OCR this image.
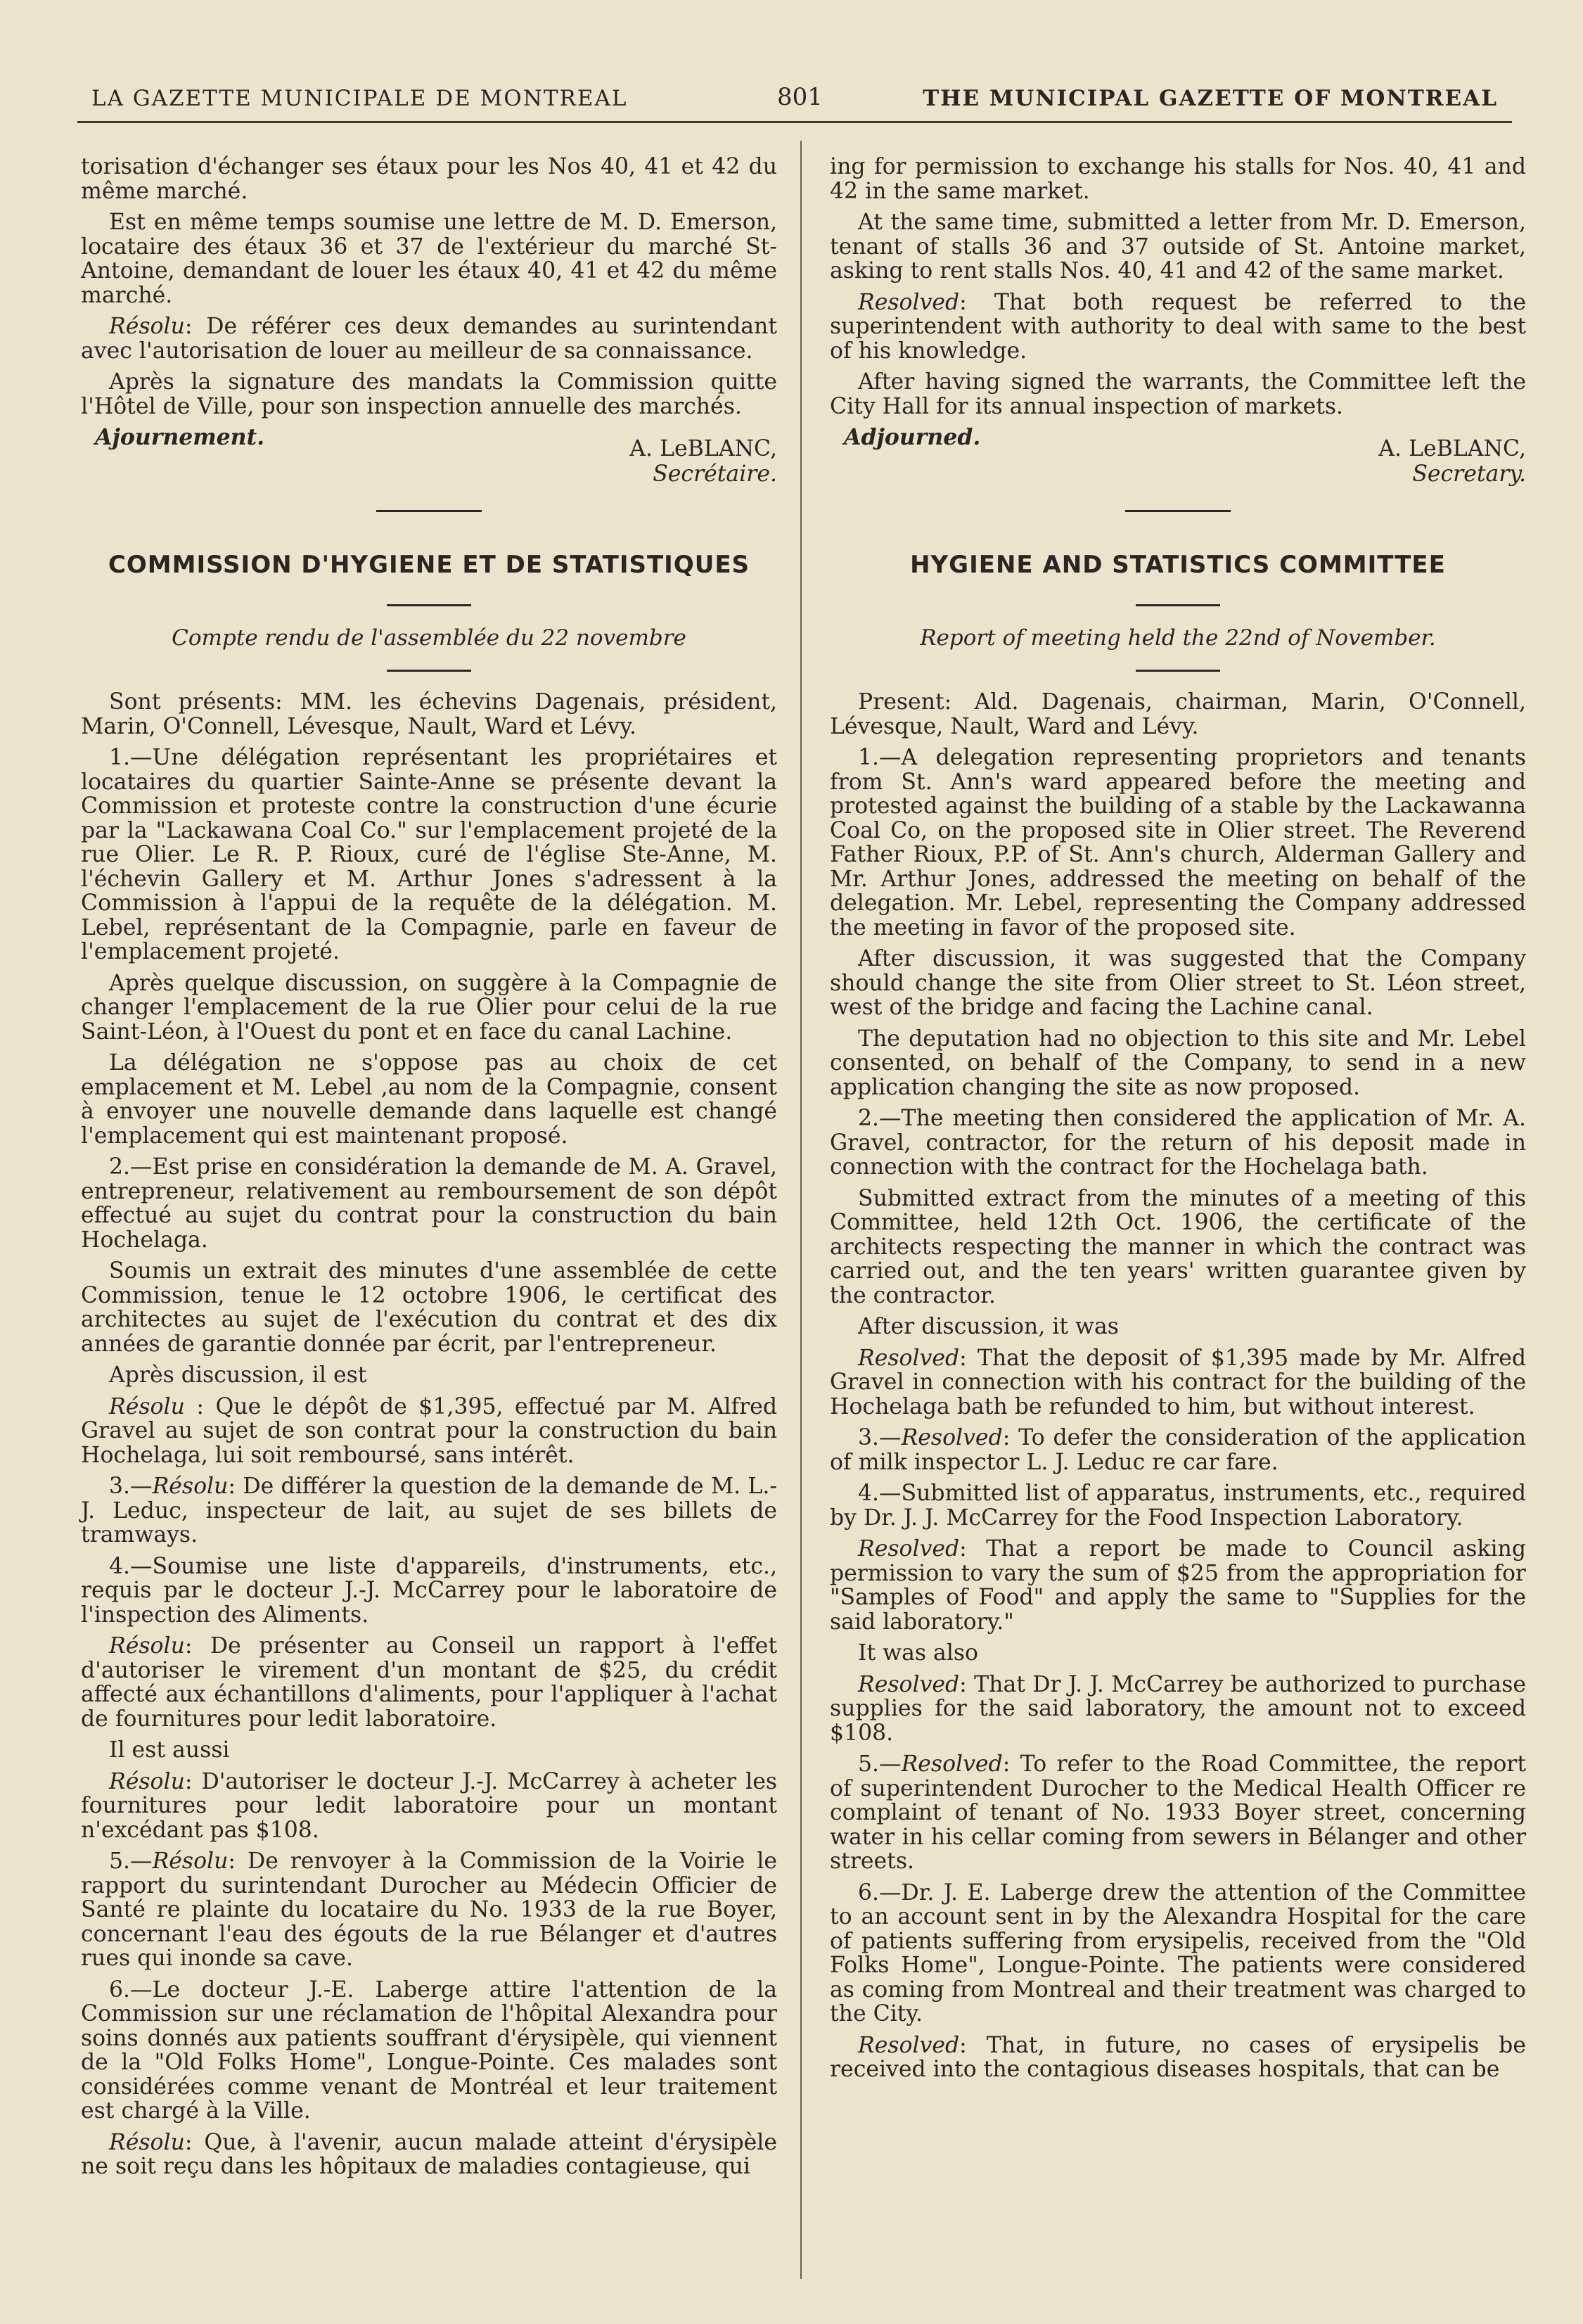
LA GAZETTE MUNICIPALE DE MONTREAL	801	THE MUNICIPAL GAZETTE OF MONTREAL

torisation d'échanger ses étaux pour les Nos 40, 41 et 42 du même marché.

Est en même temps soumise une lettre de M. D. Emerson, locataire des étaux 36 et 37 de l'extérieur du marché St-Antoine, demandant de louer les étaux 40, 41 et 42 du même marché.

Résolu: De référer ces deux demandes au surintendant avec l'autorisation de louer au meilleur de sa connaissance.

Après la signature des mandats la Commission quitte l'Hôtel de Ville, pour son inspection annuelle des marchés.

Ajournement.	A. LeBLANC,
Secrétaire.
COMMISSION D'HYGIENE ET DE STATISTIQUES
Compte rendu de l'assemblée du 22 novembre

Sont présents: MM. les échevins Dagenais, président, Marin, O'Connell, Lévesque, Nault, Ward et Lévy.

1.—Une délégation représentant les propriétaires et locataires du quartier Sainte-Anne se présente devant la Commission et proteste contre la construction d'une écurie par la "Lackawana Coal Co." sur l'emplacement projeté de la rue Olier. Le R. P. Rioux, curé de l'église Ste-Anne, M. l'échevin Gallery et M. Arthur Jones s'adressent à la Commission à l'appui de la requête de la délégation. M. Lebel, représentant de la Compagnie, parle en faveur de l'emplacement projeté.

Après quelque discussion, on suggère à la Compagnie de changer l'emplacement de la rue Olier pour celui de la rue Saint-Léon, à l'Ouest du pont et en face du canal Lachine.

La délégation ne s'oppose pas au choix de cet emplacement et M. Lebel ,au nom de la Compagnie, consent à envoyer une nouvelle demande dans laquelle est changé l'emplacement qui est maintenant proposé.

2.—Est prise en considération la demande de M. A. Gravel, entrepreneur, relativement au remboursement de son dépôt effectué au sujet du contrat pour la construction du bain Hochelaga.

Soumis un extrait des minutes d'une assemblée de cette Commission, tenue le 12 octobre 1906, le certificat des architectes au sujet de l'exécution du contrat et des dix années de garantie donnée par écrit, par l'entrepreneur.

Après discussion, il est

Résolu : Que le dépôt de $1,395, effectué par M. Alfred Gravel au sujet de son contrat pour la construction du bain Hochelaga, lui soit remboursé, sans intérêt.

3.—Résolu: De différer la question de la demande de M. L.-J. Leduc, inspecteur de lait, au sujet de ses billets de tramways.

4.—Soumise une liste d'appareils, d'instruments, etc., requis par le docteur J.-J. McCarrey pour le laboratoire de l'inspection des Aliments.

Résolu: De présenter au Conseil un rapport à l'effet d'autoriser le virement d'un montant de $25, du crédit affecté aux échantillons d'aliments, pour l'appliquer à l'achat de fournitures pour ledit laboratoire.

Il est aussi

Résolu: D'autoriser le docteur J.-J. McCarrey à acheter les fournitures pour ledit laboratoire pour un montant n'excédant pas $108.

5.—Résolu: De renvoyer à la Commission de la Voirie le rapport du surintendant Durocher au Médecin Officier de Santé re plainte du locataire du No. 1933 de la rue Boyer, concernant l'eau des égouts de la rue Bélanger et d'autres rues qui inonde sa cave.

6.—Le docteur J.-E. Laberge attire l'attention de la Commission sur une réclamation de l'hôpital Alexandra pour soins donnés aux patients souffrant d'érysipèle, qui viennent de la "Old Folks Home", Longue-Pointe. Ces malades sont considérées comme venant de Montréal et leur traitement est chargé à la Ville.

Résolu: Que, à l'avenir, aucun malade atteint d'érysipèle ne soit reçu dans les hôpitaux de maladies contagieuse, qui

ing for permission to exchange his stalls for Nos. 40, 41 and 42 in the same market.

At the same time, submitted a letter from Mr. D. Emerson, tenant of stalls 36 and 37 outside of St. Antoine market, asking to rent stalls Nos. 40, 41 and 42 of the same market.

Resolved: That both request be referred to the superintendent with authority to deal with same to the best of his knowledge.

After having signed the warrants, the Committee left the City Hall for its annual inspection of markets.

Adjourned.	A. LeBLANC,
Secretary.
HYGIENE AND STATISTICS COMMITTEE
Report of meeting held the 22nd of November.

Present: Ald. Dagenais, chairman, Marin, O'Connell, Lévesque, Nault, Ward and Lévy.

1.—A delegation representing proprietors and tenants from St. Ann's ward appeared before the meeting and protested against the building of a stable by the Lackawanna Coal Co, on the proposed site in Olier street. The Reverend Father Rioux, P.P. of St. Ann's church, Alderman Gallery and Mr. Arthur Jones, addressed the meeting on behalf of the delegation. Mr. Lebel, representing the Company addressed the meeting in favor of the proposed site.

After discussion, it was suggested that the Company should change the site from Olier street to St. Léon street, west of the bridge and facing the Lachine canal.

The deputation had no objection to this site and Mr. Lebel consented, on behalf of the Company, to send in a new application changing the site as now proposed.

2.—The meeting then considered the application of Mr. A. Gravel, contractor, for the return of his deposit made in connection with the contract for the Hochelaga bath.

Submitted extract from the minutes of a meeting of this Committee, held 12th Oct. 1906, the certificate of the architects respecting the manner in which the contract was carried out, and the ten years' written guarantee given by the contractor.

After discussion, it was

Resolved: That the deposit of $1,395 made by Mr. Alfred Gravel in connection with his contract for the building of the Hochelaga bath be refunded to him, but without interest.

3.—Resolved: To defer the consideration of the application of milk inspector L. J. Leduc re car fare.

4.—Submitted list of apparatus, instruments, etc., required by Dr. J. J. McCarrey for the Food Inspection Laboratory.

Resolved: That a report be made to Council asking permission to vary the sum of $25 from the appropriation for "Samples of Food" and apply the same to "Supplies for the said laboratory."

It was also

Resolved: That Dr J. J. McCarrey be authorized to purchase supplies for the said laboratory, the amount not to exceed $108.

5.—Resolved: To refer to the Road Committee, the report of superintendent Durocher to the Medical Health Officer re complaint of tenant of No. 1933 Boyer street, concerning water in his cellar coming from sewers in Bélanger and other streets.

6.—Dr. J. E. Laberge drew the attention of the Committee to an account sent in by the Alexandra Hospital for the care of patients suffering from erysipelis, received from the "Old Folks Home", Longue-Pointe. The patients were considered as coming from Montreal and their treatment was charged to the City.

Resolved: That, in future, no cases of erysipelis be received into the contagious diseases hospitals, that can be
